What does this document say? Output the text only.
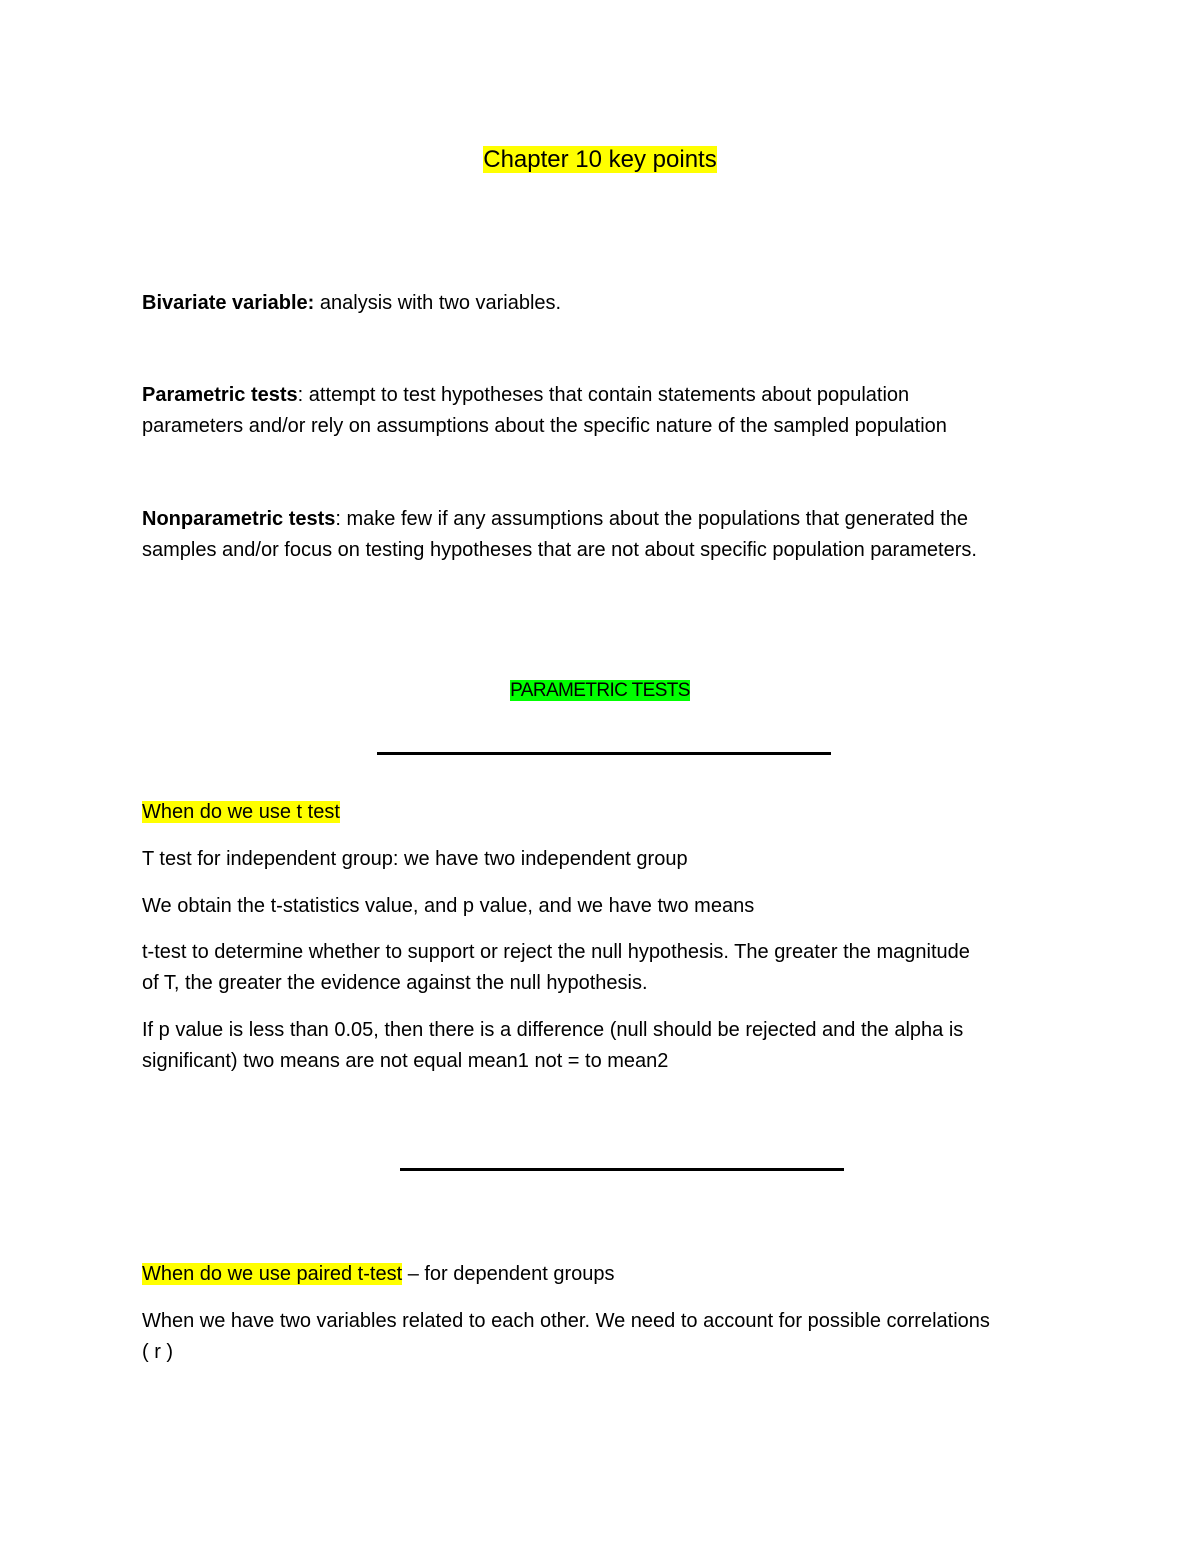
Chapter 10 key points
Bivariate variable: analysis with two variables.
Parametric tests: attempt to test hypotheses that contain statements about population
parameters and/or rely on assumptions about the specific nature of the sampled population
Nonparametric tests: make few if any assumptions about the populations that generated the
samples and/or focus on testing hypotheses that are not about specific population parameters.
PARAMETRIC TESTS
When do we use t test
T test for independent group: we have two independent group
We obtain the t-statistics value, and p value, and we have two means
t-test to determine whether to support or reject the null hypothesis. The greater the magnitude
of T, the greater the evidence against the null hypothesis.
If p value is less than 0.05, then there is a difference (null should be rejected and the alpha is
significant) two means are not equal mean1 not = to mean2
When do we use paired t-test – for dependent groups
When we have two variables related to each other. We need to account for possible correlations
( r )
